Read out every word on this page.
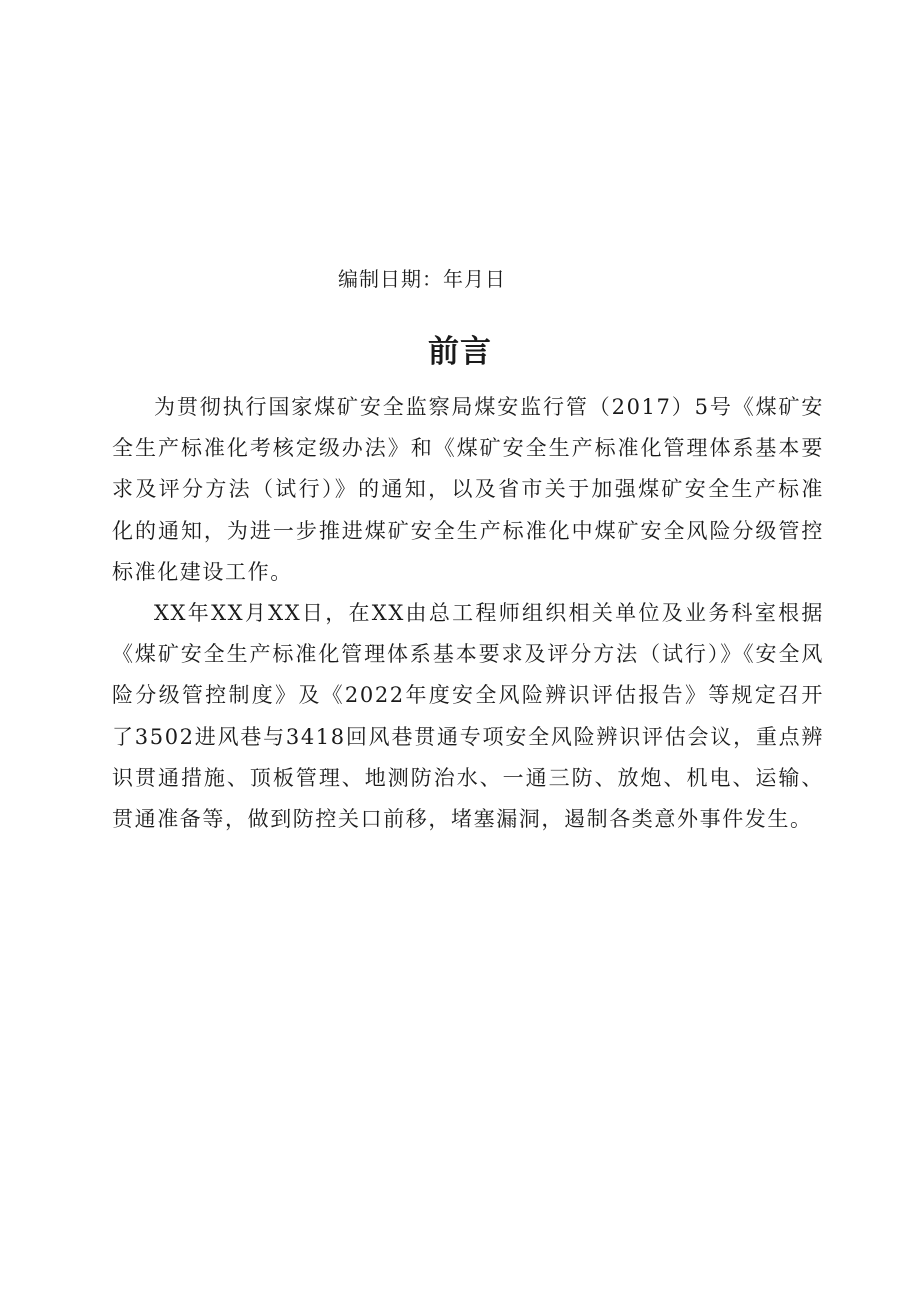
编制日期：年月日
前言

为贯彻执行国家煤矿安全监察局煤安监行管（2017）5号《煤矿安全生产标准化考核定级办法》和《煤矿安全生产标准化管理体系基本要求及评分方法（试行）》的通知，以及省市关于加强煤矿安全生产标准化的通知，为进一步推进煤矿安全生产标准化中煤矿安全风险分级管控标准化建设工作。

XX年XX月XX日，在XX由总工程师组织相关单位及业务科室根据《煤矿安全生产标准化管理体系基本要求及评分方法（试行）》《安全风险分级管控制度》及《2022年度安全风险辨识评估报告》等规定召开了3502进风巷与3418回风巷贯通专项安全风险辨识评估会议，重点辨识贯通措施、顶板管理、地测防治水、一通三防、放炮、机电、运输、贯通准备等，做到防控关口前移，堵塞漏洞，遏制各类意外事件发生。
